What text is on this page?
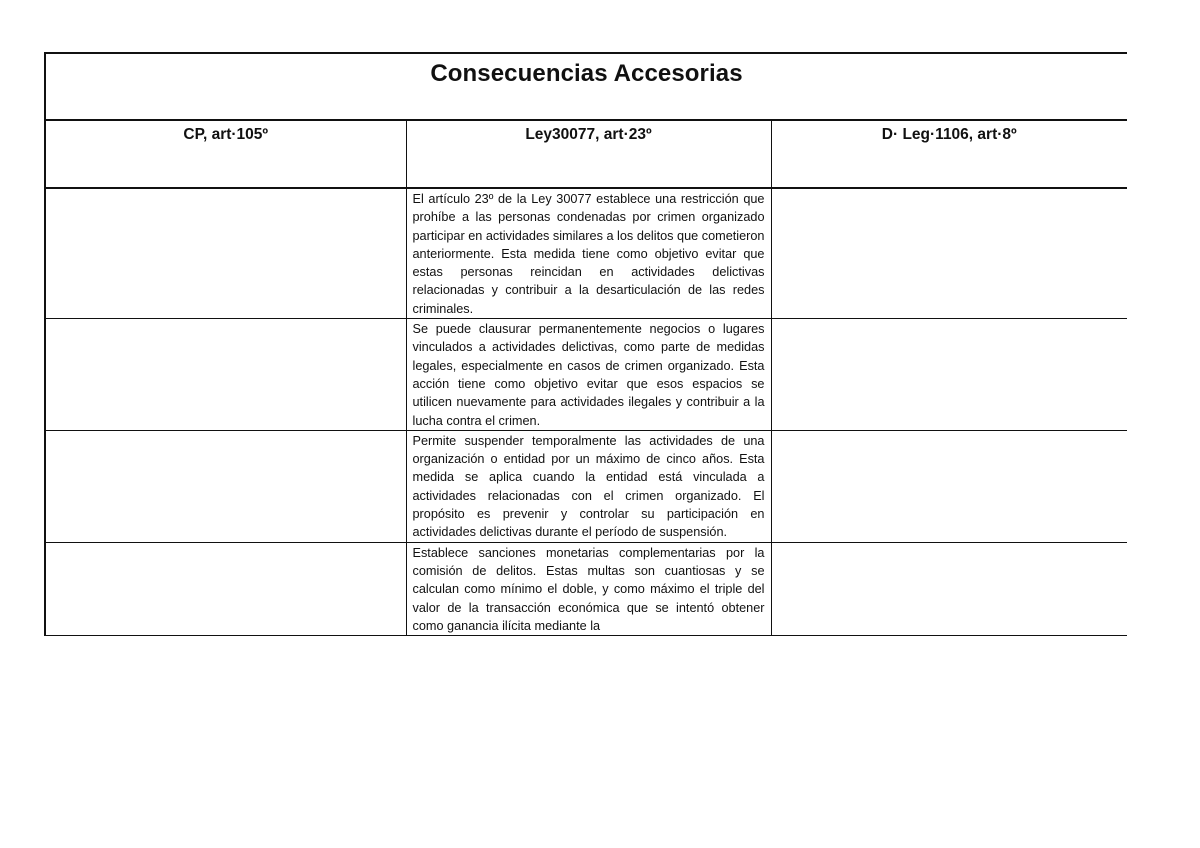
Consecuencias Accesorias		

CP, art·105º	Ley30077, art·23º	D· Leg·1106, art·8º

	El artículo 23º de la Ley 30077 establece una restricción que prohíbe a las personas condenadas por crimen organizado participar en actividades similares a los delitos que cometieron anteriormente. Esta medida tiene como objetivo evitar que estas personas reincidan en actividades delictivas relacionadas y contribuir a la desarticulación de las redes criminales.	

	Se puede clausurar permanentemente negocios o lugares vinculados a actividades delictivas, como parte de medidas legales, especialmente en casos de crimen organizado. Esta acción tiene como objetivo evitar que esos espacios se utilicen nuevamente para actividades ilegales y contribuir a la lucha contra el crimen.	

	Permite suspender temporalmente las actividades de una organización o entidad por un máximo de cinco años. Esta medida se aplica cuando la entidad está vinculada a actividades relacionadas con el crimen organizado. El propósito es prevenir y controlar su participación en actividades delictivas durante el período de suspensión.	

	Establece sanciones monetarias complementarias por la comisión de delitos. Estas multas son cuantiosas y se calculan como mínimo el doble, y como máximo el triple del valor de la transacción económica que se intentó obtener como ganancia ilícita mediante la	
